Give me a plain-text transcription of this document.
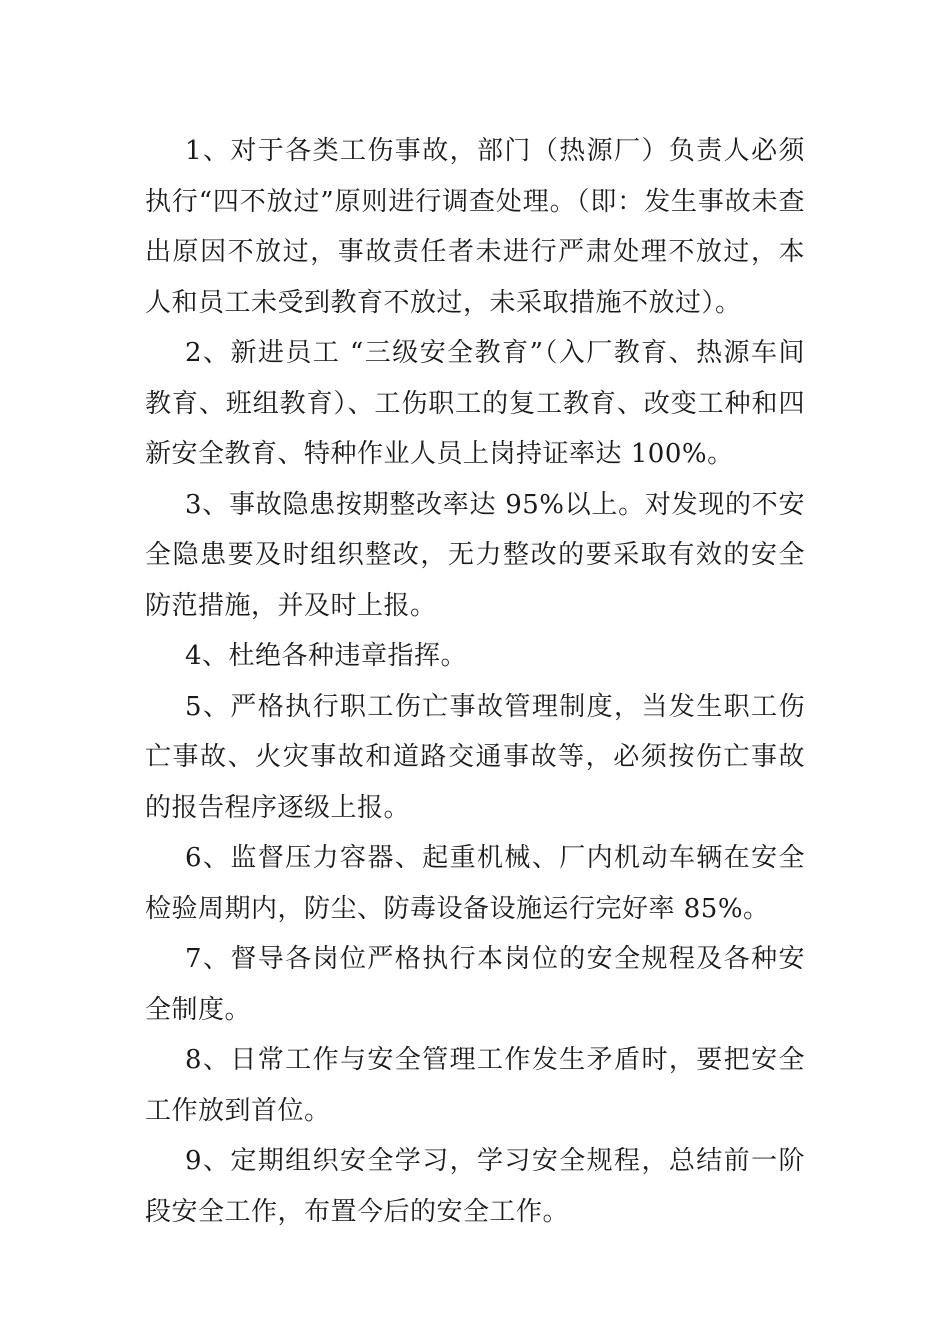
1、对于各类工伤事故，部门（热源厂）负责人必须执行“四不放过”原则进行调查处理。（即：发生事故未查出原因不放过，事故责任者未进行严肃处理不放过，本人和员工未受到教育不放过，未采取措施不放过）。

2、新进员工 “三级安全教育”（入厂教育、热源车间教育、班组教育）、工伤职工的复工教育、改变工种和四新安全教育、特种作业人员上岗持证率达 100%。

3、事故隐患按期整改率达 95%以上。对发现的不安全隐患要及时组织整改，无力整改的要采取有效的安全防范措施，并及时上报。

4、杜绝各种违章指挥。

5、严格执行职工伤亡事故管理制度，当发生职工伤亡事故、火灾事故和道路交通事故等，必须按伤亡事故的报告程序逐级上报。

6、监督压力容器、起重机械、厂内机动车辆在安全检验周期内，防尘、防毒设备设施运行完好率 85%。

7、督导各岗位严格执行本岗位的安全规程及各种安全制度。

8、日常工作与安全管理工作发生矛盾时，要把安全工作放到首位。

9、定期组织安全学习，学习安全规程，总结前一阶段安全工作，布置今后的安全工作。
